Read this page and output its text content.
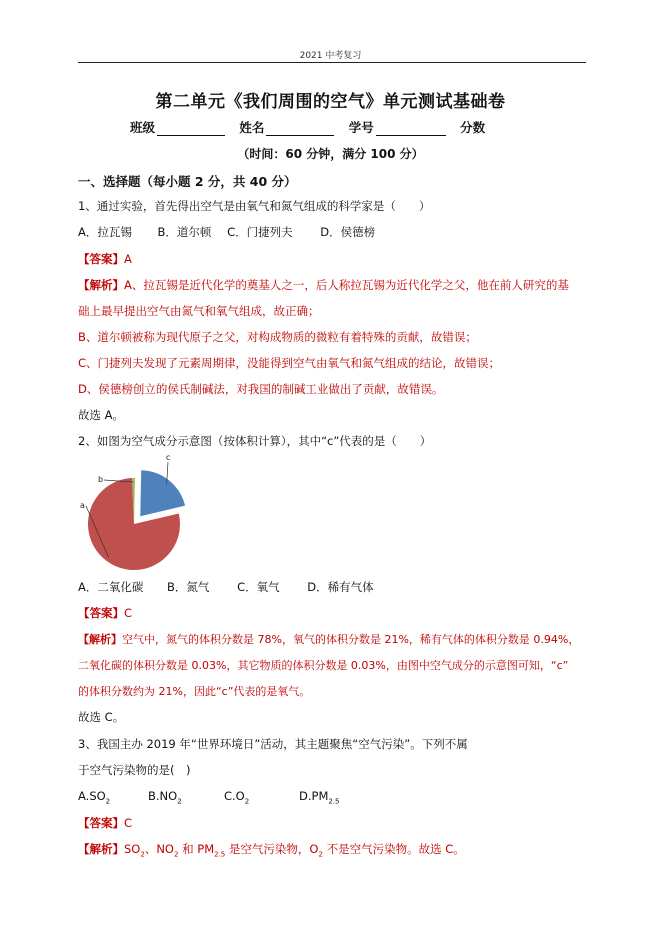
2021 中考复习
第二单元《我们周围的空气》单元测试基础卷
班级	姓名	学号	分数
（时间：60 分钟，满分 100 分）
一、选择题（每小题 2 分，共 40 分）
1、通过实验，首先得出空气是由氧气和氮气组成的科学家是（　　）
A．拉瓦锡 B．道尔顿 C．门捷列夫 D．侯德榜
【答案】A
【解析】A、拉瓦锡是近代化学的奠基人之一，后人称拉瓦锡为近代化学之父，他在前人研究的基
础上最早提出空气由氮气和氧气组成，故正确；
B、道尔顿被称为现代原子之父，对构成物质的微粒有着特殊的贡献，故错误；
C、门捷列夫发现了元素周期律，没能得到空气由氧气和氮气组成的结论，故错误；
D、侯德榜创立的侯氏制碱法，对我国的制碱工业做出了贡献，故错误。
故选 A。
2、如图为空气成分示意图（按体积计算），其中“c”代表的是（　　）
c
a
b
A．二氧化碳 B．氮气 C．氧气 D．稀有气体
【答案】C
【解析】空气中，氮气的体积分数是 78%，氧气的体积分数是 21%，稀有气体的体积分数是 0.94%，
二氧化碳的体积分数是 0.03%，其它物质的体积分数是 0.03%，由图中空气成分的示意图可知，“c”
的体积分数约为 21%，因此“c”代表的是氧气。
故选 C。
3、我国主办 2019 年“世界环境日”活动，其主题聚焦“空气污染”。下列不属
于空气污染物的是(　)
$A.SO_2$	$B.NO_2$	$C.O_2$	$D.PM_{2.5}$
【答案】C
【解析】$SO_2$、$NO_2$ 和 $PM_{2.5}$ 是空气污染物，$O_2$ 不是空气污染物。故选 C。
